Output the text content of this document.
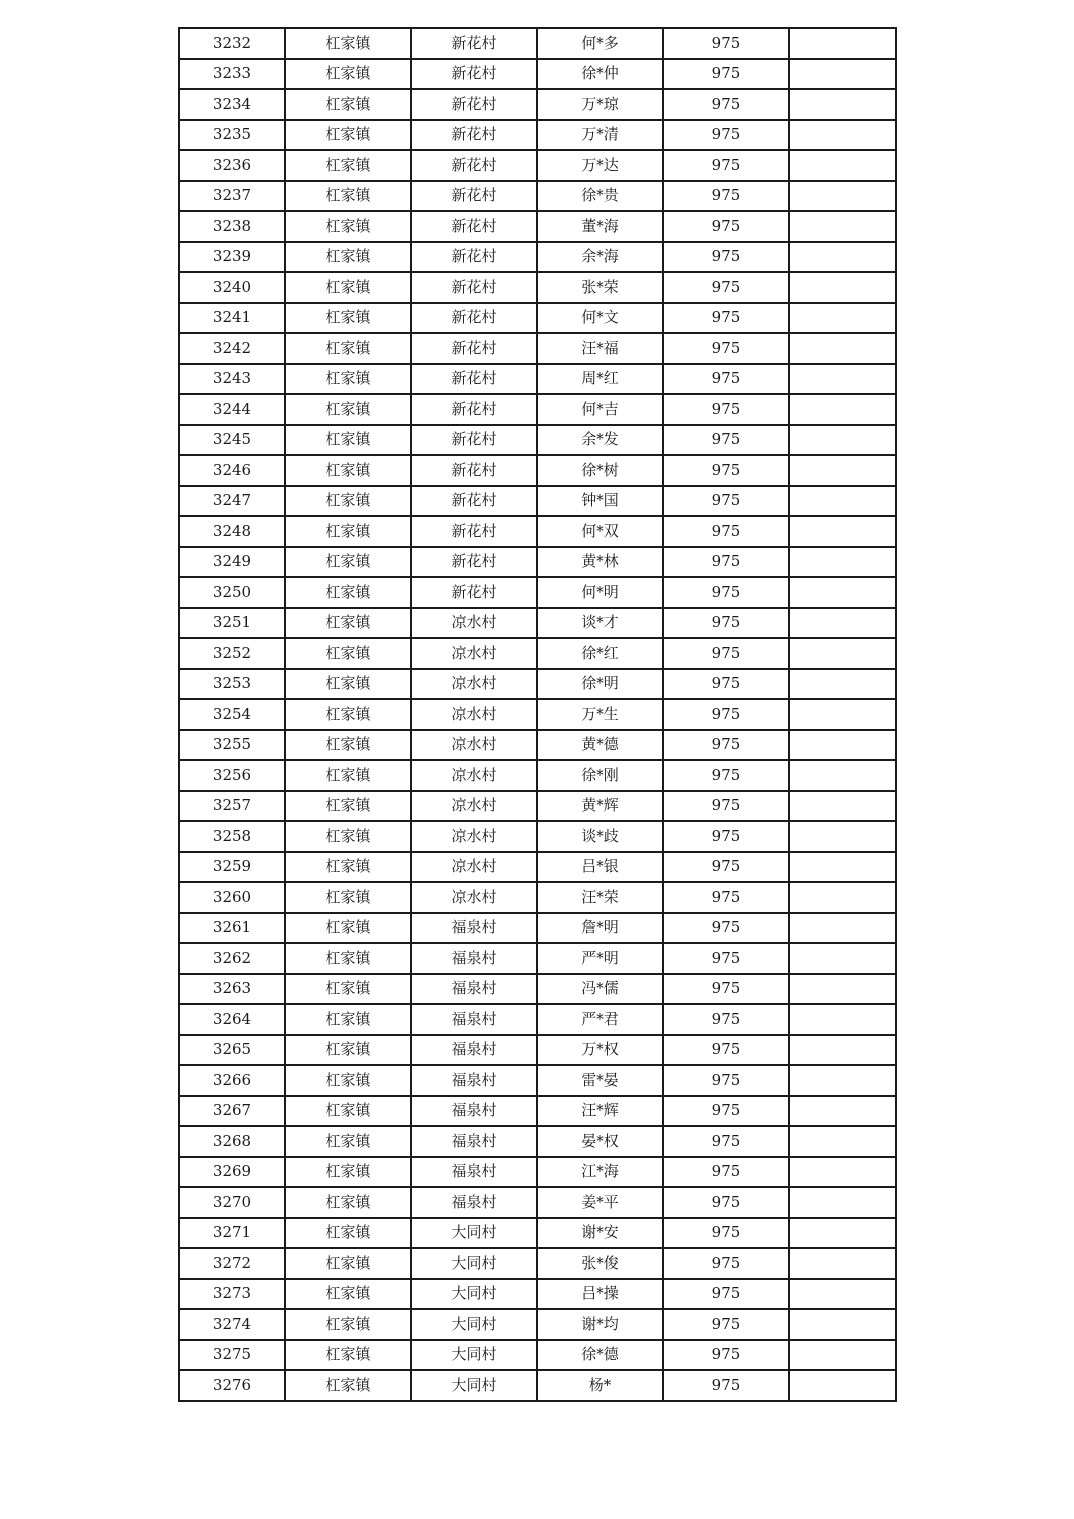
3232	杠家镇	新花村	何*多	975	
3233	杠家镇	新花村	徐*仲	975	
3234	杠家镇	新花村	万*琼	975	
3235	杠家镇	新花村	万*清	975	
3236	杠家镇	新花村	万*达	975	
3237	杠家镇	新花村	徐*贵	975	
3238	杠家镇	新花村	董*海	975	
3239	杠家镇	新花村	余*海	975	
3240	杠家镇	新花村	张*荣	975	
3241	杠家镇	新花村	何*文	975	
3242	杠家镇	新花村	汪*福	975	
3243	杠家镇	新花村	周*红	975	
3244	杠家镇	新花村	何*吉	975	
3245	杠家镇	新花村	余*发	975	
3246	杠家镇	新花村	徐*树	975	
3247	杠家镇	新花村	钟*国	975	
3248	杠家镇	新花村	何*双	975	
3249	杠家镇	新花村	黄*林	975	
3250	杠家镇	新花村	何*明	975	
3251	杠家镇	凉水村	谈*才	975	
3252	杠家镇	凉水村	徐*红	975	
3253	杠家镇	凉水村	徐*明	975	
3254	杠家镇	凉水村	万*生	975	
3255	杠家镇	凉水村	黄*德	975	
3256	杠家镇	凉水村	徐*刚	975	
3257	杠家镇	凉水村	黄*辉	975	
3258	杠家镇	凉水村	谈*歧	975	
3259	杠家镇	凉水村	吕*银	975	
3260	杠家镇	凉水村	汪*荣	975	
3261	杠家镇	福泉村	詹*明	975	
3262	杠家镇	福泉村	严*明	975	
3263	杠家镇	福泉村	冯*儒	975	
3264	杠家镇	福泉村	严*君	975	
3265	杠家镇	福泉村	万*权	975	
3266	杠家镇	福泉村	雷*晏	975	
3267	杠家镇	福泉村	汪*辉	975	
3268	杠家镇	福泉村	晏*权	975	
3269	杠家镇	福泉村	江*海	975	
3270	杠家镇	福泉村	姜*平	975	
3271	杠家镇	大同村	谢*安	975	
3272	杠家镇	大同村	张*俊	975	
3273	杠家镇	大同村	吕*操	975	
3274	杠家镇	大同村	谢*均	975	
3275	杠家镇	大同村	徐*德	975	
3276	杠家镇	大同村	杨*	975	
